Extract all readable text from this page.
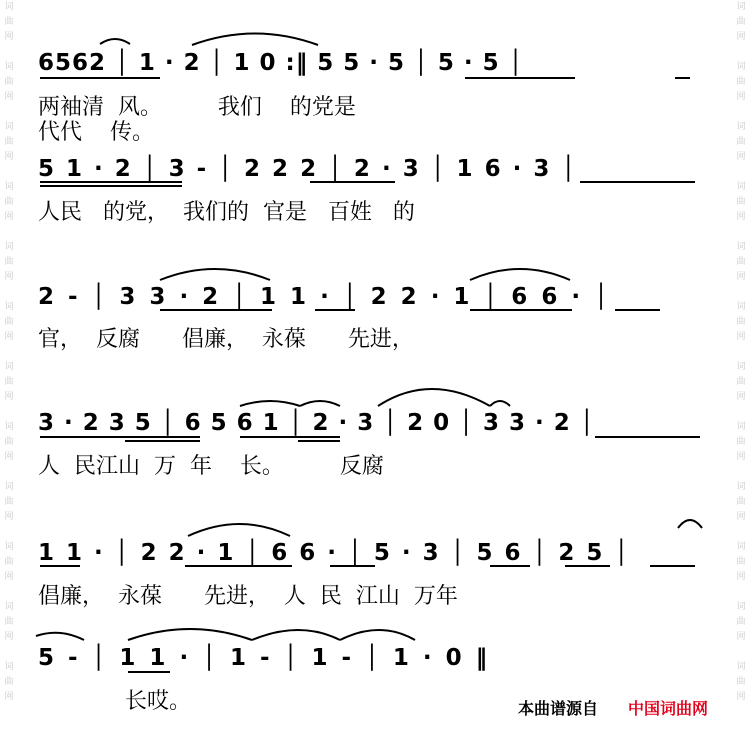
词曲网

词曲网

词曲网

词曲网

词曲网

词曲网

词曲网

词曲网

词曲网

词曲网

词曲网

词曲网
词曲网

词曲网

词曲网

词曲网

词曲网

词曲网

词曲网

词曲网

词曲网

词曲网

词曲网

词曲网
6562 │ 1 · 2 │ 1 0 :‖ 5 5 · 5 │ 5 · 5 │
两袖清  风。        我们    的党是
代代    传。
5 1 · 2 │ 3 - │ 2 2 2 │ 2 · 3 │ 1 6 · 3 │
人民   的党，  我们的  官是   百姓   的
2 - │ 3 3 · 2 │ 1 1 · │ 2 2 · 1 │ 6 6 · │
官，  反腐      倡廉，  永葆      先进，
3 · 2 3 5 │ 6 5 6 1 │ 2 · 3 │ 2 0 │ 3 3 · 2 │
人  民江山  万  年    长。        反腐
1 1 · │ 2 2 · 1 │ 6 6 · │ 5 · 3 │ 5 6 │ 2 5 │
倡廉，  永葆      先进，  人  民  江山  万年
5 - │ 1 1 · │ 1 - │ 1 - │ 1 · 0 ‖
长哎。	本曲谱源自 中国词曲网
